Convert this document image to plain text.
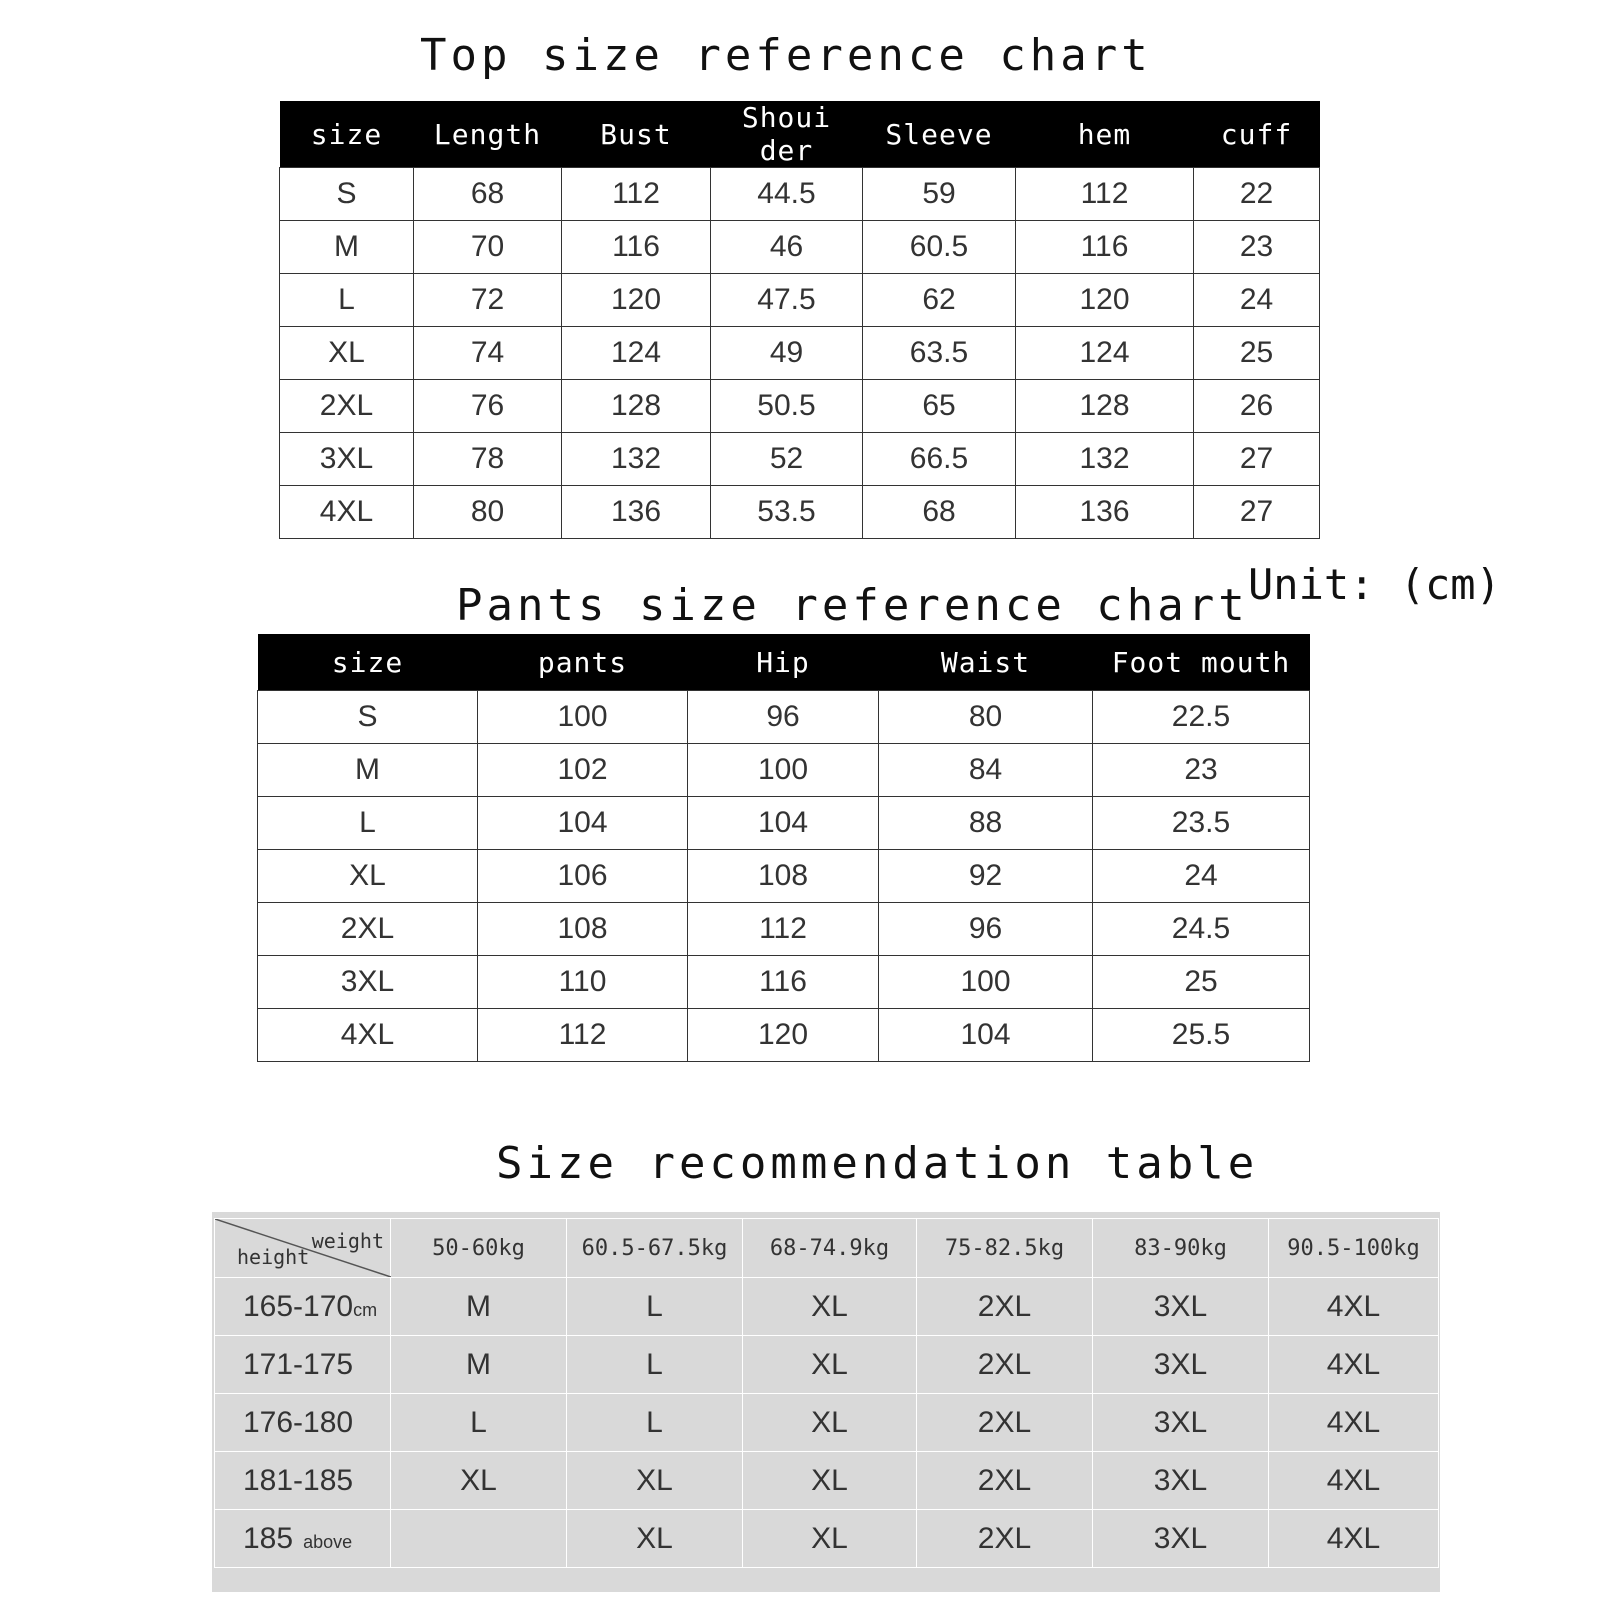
Top size reference chart
size	Length	Bust	Shoui der	Sleeve	hem	cuff
S	68	112	44.5	59	112	22
M	70	116	46	60.5	116	23
L	72	120	47.5	62	120	24
XL	74	124	49	63.5	124	25
2XL	76	128	50.5	65	128	26
3XL	78	132	52	66.5	132	27
4XL	80	136	53.5	68	136	27

Unit: (cm)

Pants size reference chart
size	pants	Hip	Waist	Foot mouth
S	100	96	80	22.5
M	102	100	84	23
L	104	104	88	23.5
XL	106	108	92	24
2XL	108	112	96	24.5
3XL	110	116	100	25
4XL	112	120	104	25.5
Size recommendation table
weight
height	50-60kg	60.5-67.5kg	68-74.9kg	75-82.5kg	83-90kg	90.5-100kg
165-170cm	M	L	XL	2XL	3XL	4XL
171-175	M	L	XL	2XL	3XL	4XL
176-180	L	L	XL	2XL	3XL	4XL
181-185	XL	XL	XL	2XL	3XL	4XL
185 above		XL	XL	2XL	3XL	4XL
